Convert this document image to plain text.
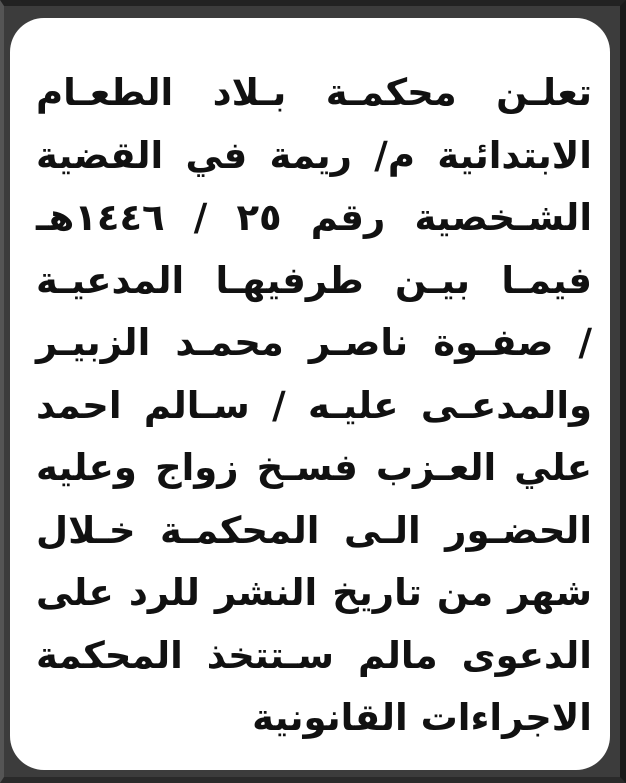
تعلـن محكمـة بـلاد الطعـام
الابتدائية م/ ريمة في القضية
الشـخصية رقم ٢٥ / ١٤٤٦هـ
فيمـا بيـن طرفيهـا المدعيـة
/ صفـوة ناصـر محمـد الزبيـر
والمدعـى عليـه / سـالم احمد
علي العـزب فسـخ زواج وعليه
الحضـور الـى المحكمـة خـلال
شهر من تاريخ النشر للرد على
الدعوى مالم سـتتخذ المحكمة
الاجراءات القانونية
